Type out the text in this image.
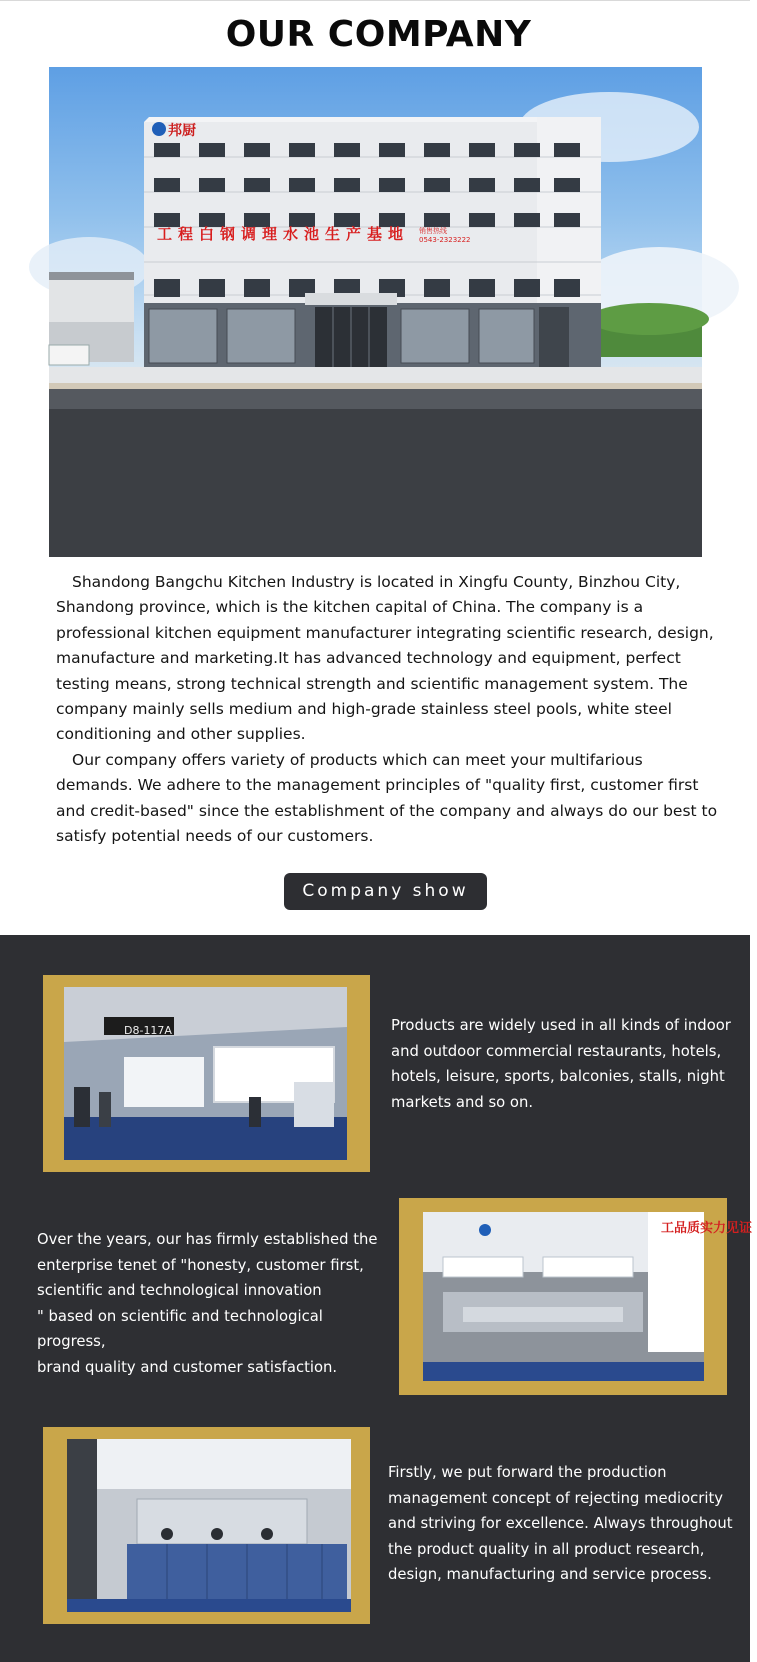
OUR COMPANY
邦厨
工程白钢调理水池生产基地 销售热线
0543-2323222

Shandong Bangchu Kitchen Industry is located in Xingfu County, Binzhou City, Shandong province, which is the kitchen capital of China. The company is a professional kitchen equipment manufacturer integrating scientific research, design, manufacture and marketing.It has advanced technology and equipment, perfect testing means, strong technical strength and scientific management system. The company mainly sells medium and high-grade stainless steel pools, white steel conditioning and other supplies.

Our company offers variety of products which can meet your multifarious demands. We adhere to the management principles of "quality first, customer first and credit-based" since the establishment of the company and always do our best to satisfy potential needs of our customers.

Company show
D8-117A	Products are widely used in all kinds of indoor
and outdoor commercial restaurants, hotels,
hotels, leisure, sports, balconies, stalls, night
markets and so on.
Over the years, our has firmly established the
enterprise tenet of "honesty, customer first,
scientific and technological innovation
" based on scientific and technological progress,
brand quality and customer satisfaction.
工品质实力见证
Firstly, we put forward the production
management concept of rejecting mediocrity
and striving for excellence. Always throughout
the product quality in all product research,
design, manufacturing and service process.
